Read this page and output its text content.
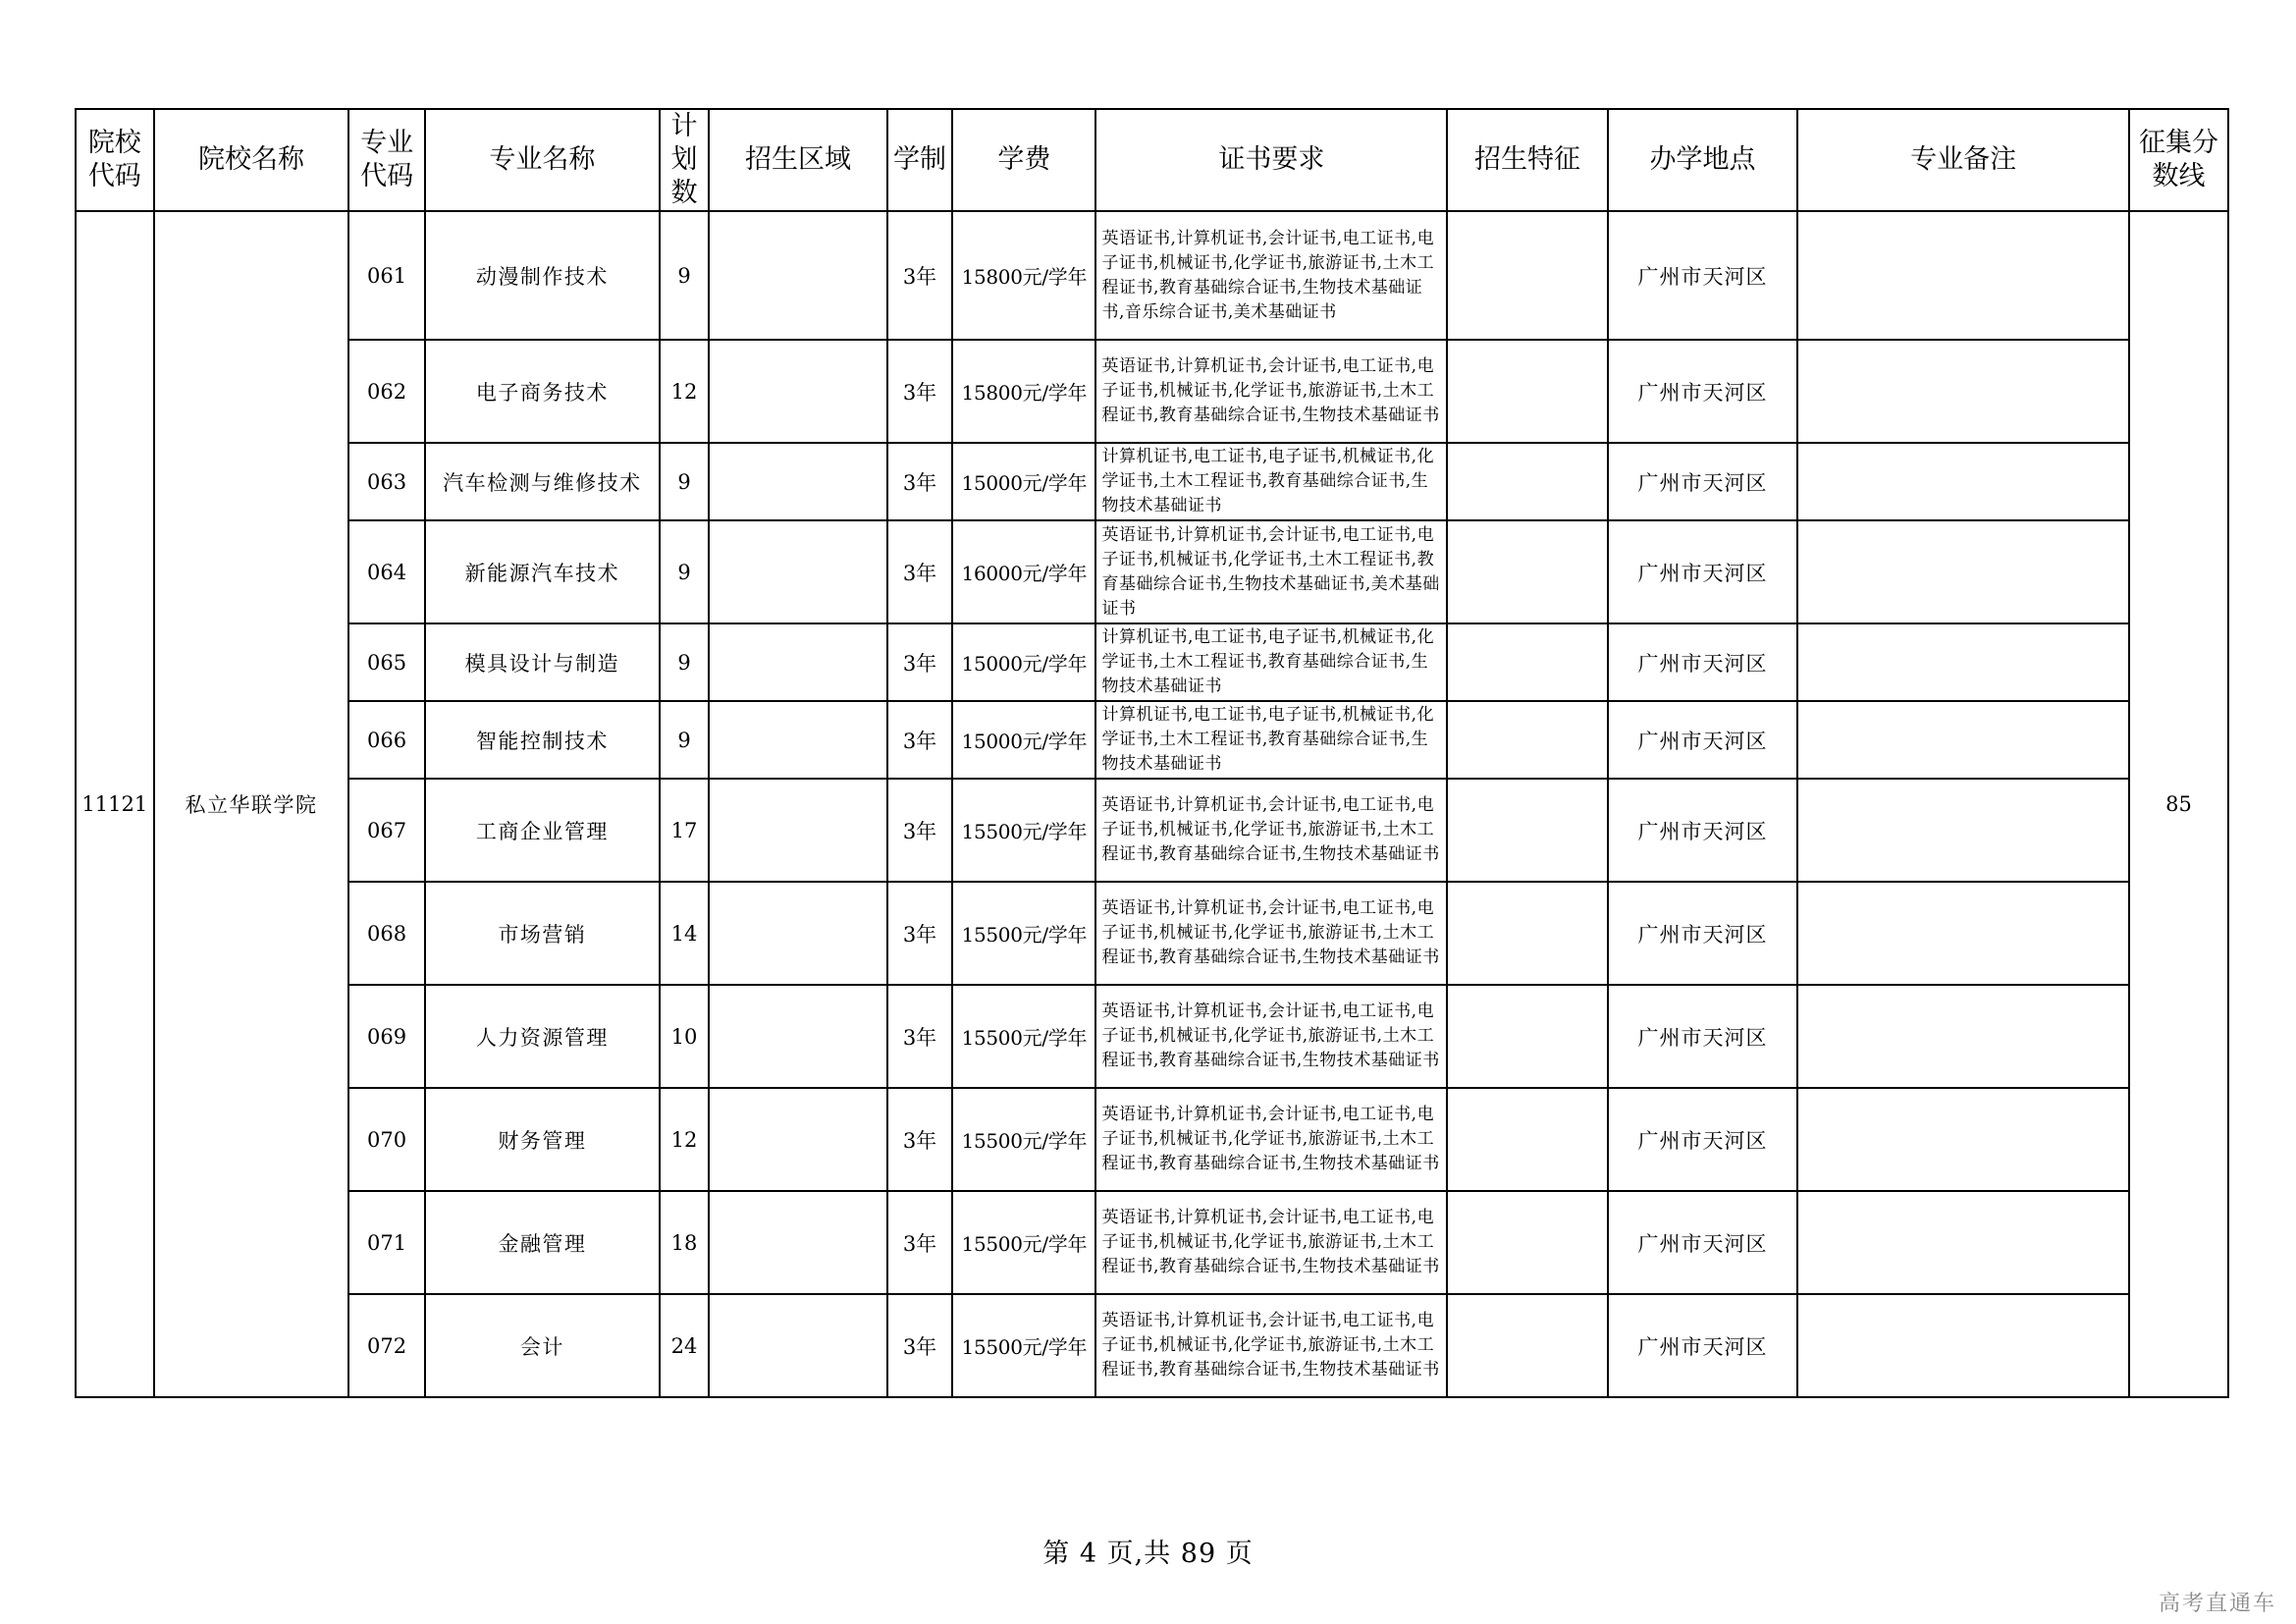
院校代码	院校名称	专业代码	专业名称	计划数	招生区域	学制	学费	证书要求	招生特征	办学地点	专业备注	征集分数线
11121	私立华联学院	061	动漫制作技术	9		3年	15800元/学年	英语证书,计算机证书,会计证书,电工证书,电子证书,机械证书,化学证书,旅游证书,土木工程证书,教育基础综合证书,生物技术基础证书,音乐综合证书,美术基础证书		广州市天河区		85
		062	电子商务技术	12		3年	15800元/学年	英语证书,计算机证书,会计证书,电工证书,电子证书,机械证书,化学证书,旅游证书,土木工程证书,教育基础综合证书,生物技术基础证书		广州市天河区		
		063	汽车检测与维修技术	9		3年	15000元/学年	计算机证书,电工证书,电子证书,机械证书,化学证书,土木工程证书,教育基础综合证书,生物技术基础证书		广州市天河区		
		064	新能源汽车技术	9		3年	16000元/学年	英语证书,计算机证书,会计证书,电工证书,电子证书,机械证书,化学证书,土木工程证书,教育基础综合证书,生物技术基础证书,美术基础证书		广州市天河区		
		065	模具设计与制造	9		3年	15000元/学年	计算机证书,电工证书,电子证书,机械证书,化学证书,土木工程证书,教育基础综合证书,生物技术基础证书		广州市天河区		
		066	智能控制技术	9		3年	15000元/学年	计算机证书,电工证书,电子证书,机械证书,化学证书,土木工程证书,教育基础综合证书,生物技术基础证书		广州市天河区		
		067	工商企业管理	17		3年	15500元/学年	英语证书,计算机证书,会计证书,电工证书,电子证书,机械证书,化学证书,旅游证书,土木工程证书,教育基础综合证书,生物技术基础证书		广州市天河区		
		068	市场营销	14		3年	15500元/学年	英语证书,计算机证书,会计证书,电工证书,电子证书,机械证书,化学证书,旅游证书,土木工程证书,教育基础综合证书,生物技术基础证书		广州市天河区		
		069	人力资源管理	10		3年	15500元/学年	英语证书,计算机证书,会计证书,电工证书,电子证书,机械证书,化学证书,旅游证书,土木工程证书,教育基础综合证书,生物技术基础证书		广州市天河区		
		070	财务管理	12		3年	15500元/学年	英语证书,计算机证书,会计证书,电工证书,电子证书,机械证书,化学证书,旅游证书,土木工程证书,教育基础综合证书,生物技术基础证书		广州市天河区		
		071	金融管理	18		3年	15500元/学年	英语证书,计算机证书,会计证书,电工证书,电子证书,机械证书,化学证书,旅游证书,土木工程证书,教育基础综合证书,生物技术基础证书		广州市天河区		
		072	会计	24		3年	15500元/学年	英语证书,计算机证书,会计证书,电工证书,电子证书,机械证书,化学证书,旅游证书,土木工程证书,教育基础综合证书,生物技术基础证书		广州市天河区		
第 4 页,共 89 页
高考直通车
